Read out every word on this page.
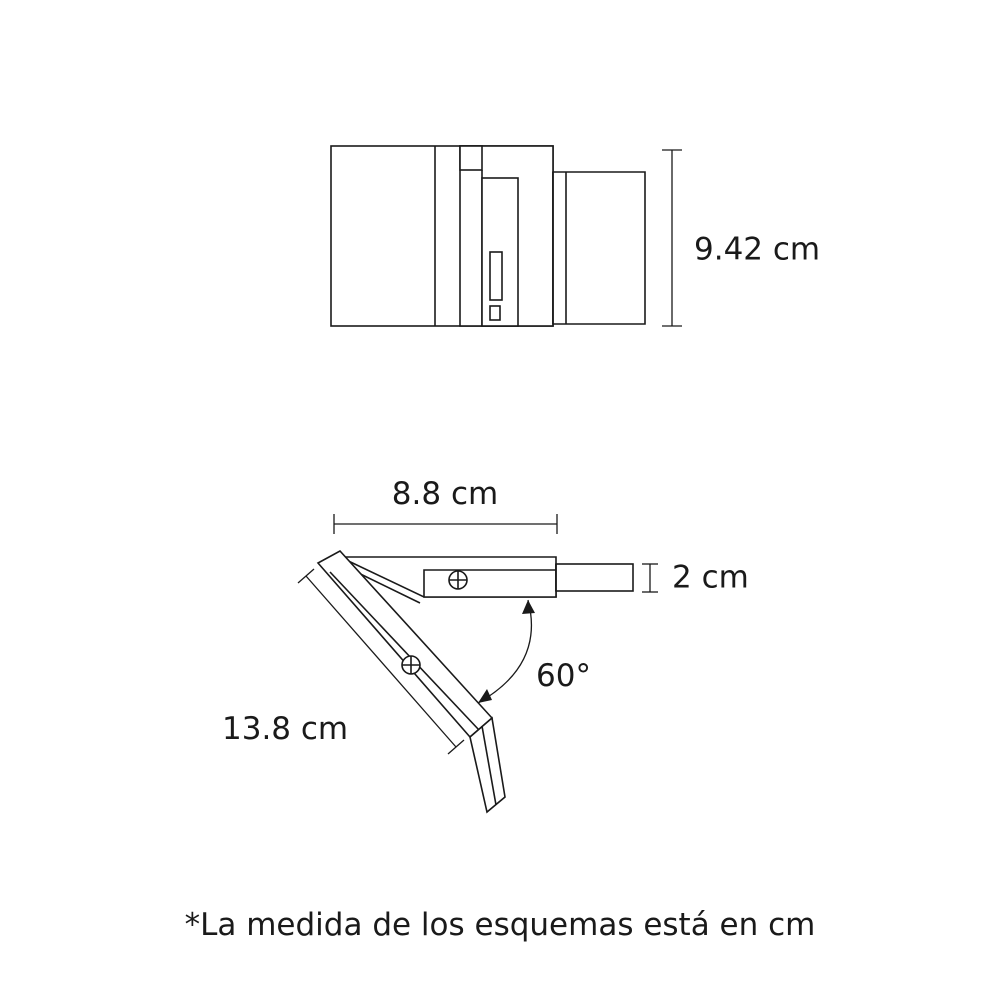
9.42 cm
8.8 cm
2 cm
13.8 cm
60°
*La medida de los esquemas está en cm
